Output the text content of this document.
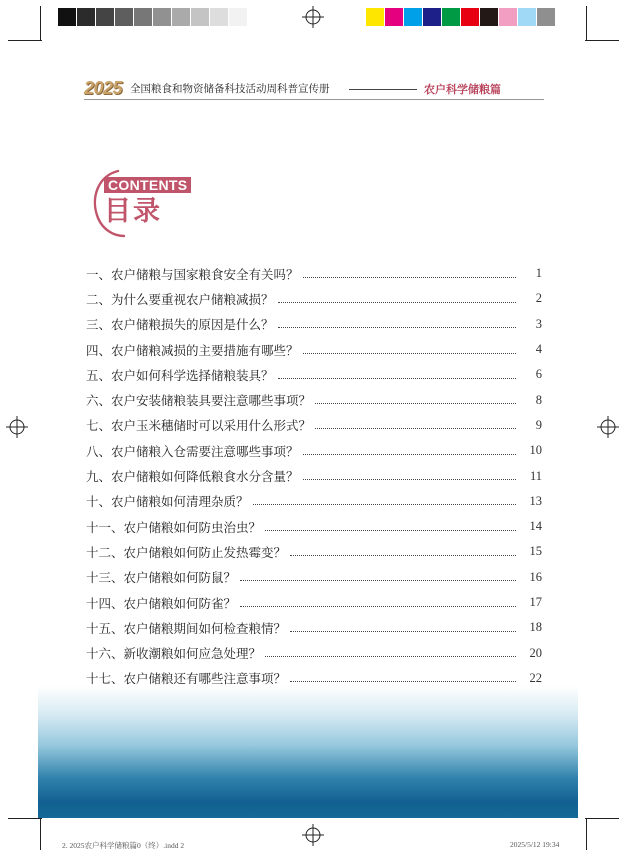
2025 全国粮食和物资储备科技活动周科普宣传册	农户科学储粮篇
CONTENTS
目录
一、农户储粮与国家粮食安全有关吗？	1
二、为什么要重视农户储粮减损？	2
三、农户储粮损失的原因是什么？	3
四、农户储粮减损的主要措施有哪些？	4
五、农户如何科学选择储粮装具？	6
六、农户安装储粮装具要注意哪些事项？	8
七、农户玉米穗储时可以采用什么形式？	9
八、农户储粮入仓需要注意哪些事项？	10
九、农户储粮如何降低粮食水分含量？	11
十、农户储粮如何清理杂质？	13
十一、农户储粮如何防虫治虫？	14
十二、农户储粮如何防止发热霉变？	15
十三、农户储粮如何防鼠？	16
十四、农户储粮如何防雀？	17
十五、农户储粮期间如何检查粮情？	18
十六、新收潮粮如何应急处理？	20
十七、农户储粮还有哪些注意事项？	22
2. 2025农户科学储粮篇0（终）.indd 2	2025/5/12 19:34
